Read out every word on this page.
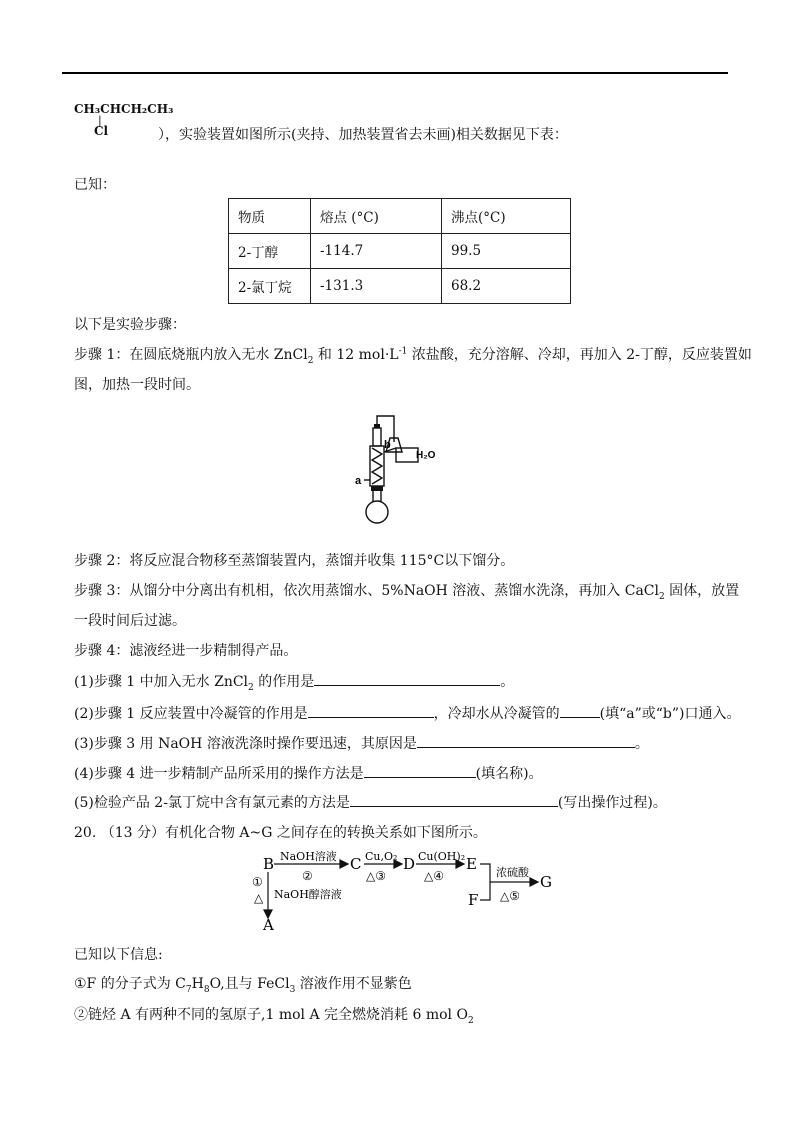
CH₃CHCH₂CH₃
|
Cl	），实验装置如图所示(夹持、加热装置省去未画)相关数据见下表：
已知：
物质	熔点 (°C)	沸点(°C)
2-丁醇	-114.7	99.5
2-氯丁烷	-131.3	68.2
以下是实验步骤：
步骤 1：在圆底烧瓶内放入无水 ZnCl$_2$ 和 12 $mol\cdot L^{-1}$ 浓盐酸，充分溶解、冷却，再加入 2-丁醇，反应装置如
图，加热一段时间。
b
a
H₂O
步骤 2：将反应混合物移至蒸馏装置内，蒸馏并收集 115°C以下馏分。
步骤 3：从馏分中分离出有机相，依次用蒸馏水、5%NaOH 溶液、蒸馏水洗涤，再加入 CaCl$_2$ 固体，放置
一段时间后过滤。
步骤 4：滤液经进一步精制得产品。
(1)步骤 1 中加入无水 ZnCl$_2$ 的作用是	。
(2)步骤 1 反应装置中冷凝管的作用是	，冷却水从冷凝管的	(填“a”或“b”)口通入。
(3)步骤 3 用 NaOH 溶液洗涤时操作要迅速，其原因是	。
(4)步骤 4 进一步精制产品所采用的操作方法是	(填名称)。
(5)检验产品 2-氯丁烷中含有氯元素的方法是	(写出操作过程)。
20. （13 分）有机化合物 A~G 之间存在的转换关系如下图所示。
B	C	D	E
F
G
A
NaOH溶液
②
Cu,O₂
△③
Cu(OH)₂
△④	浓硫酸
△⑤
①
△ NaOH醇溶液
已知以下信息:
①F 的分子式为 $C_7H_8O$,且与 FeCl$_3$ 溶液作用不显紫色
②链烃 A 有两种不同的氢原子,1 mol A 完全燃烧消耗 6 mol $O_2$
